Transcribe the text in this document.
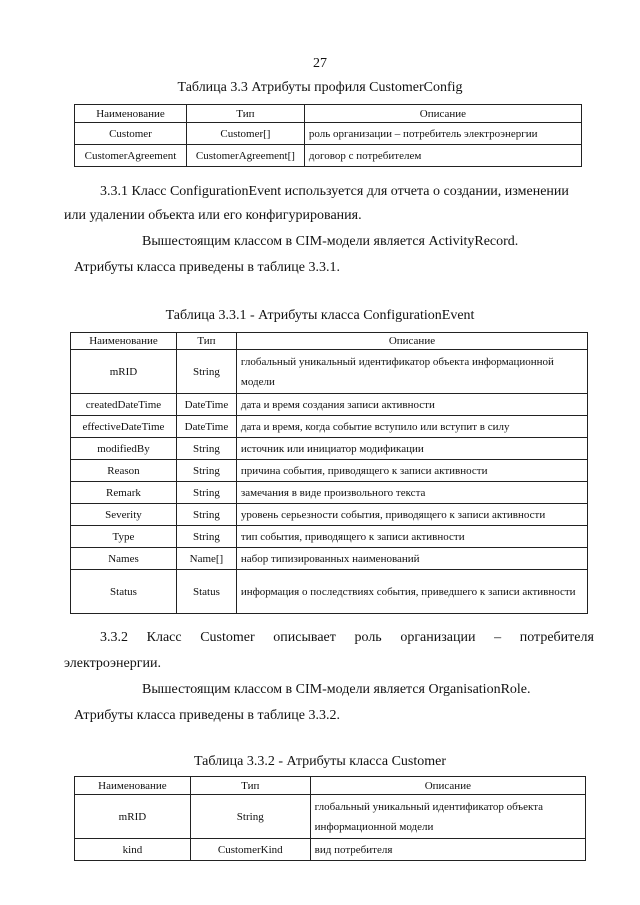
27
Таблица 3.3 Атрибуты профиля CustomerConfig
Наименование	Тип	Описание
Customer	Customer[]	роль организации – потребитель электроэнергии
CustomerAgreement	CustomerAgreement[]	договор с потребителем
3.3.1 Класс ConfigurationEvent используется для отчета о создании, изменении
или удалении объекта или его конфигурирования.
Вышестоящим классом в CIM-модели является ActivityRecord.
Атрибуты класса приведены в таблице 3.3.1.
Таблица 3.3.1 - Атрибуты класса ConfigurationEvent
Наименование	Тип	Описание
mRID	String	глобальный уникальный идентификатор объекта информационной модели
createdDateTime	DateTime	дата и время создания записи активности
effectiveDateTime	DateTime	дата и время, когда событие вступило или вступит в силу
modifiedBy	String	источник или инициатор модификации
Reason	String	причина события, приводящего к записи активности
Remark	String	замечания в виде произвольного текста
Severity	String	уровень серьезности события, приводящего к записи активности
Type	String	тип события, приводящего к записи активности
Names	Name[]	набор типизированных наименований
Status	Status	информация о последствиях события, приведшего к записи активности
3.3.2 Класс Customer описывает роль организации – потребителя
электроэнергии.
Вышестоящим классом в CIM-модели является OrganisationRole.
Атрибуты класса приведены в таблице 3.3.2.
Таблица 3.3.2 - Атрибуты класса Customer
Наименование	Тип	Описание
mRID	String	глобальный уникальный идентификатор объекта информационной модели
kind	CustomerKind	вид потребителя
